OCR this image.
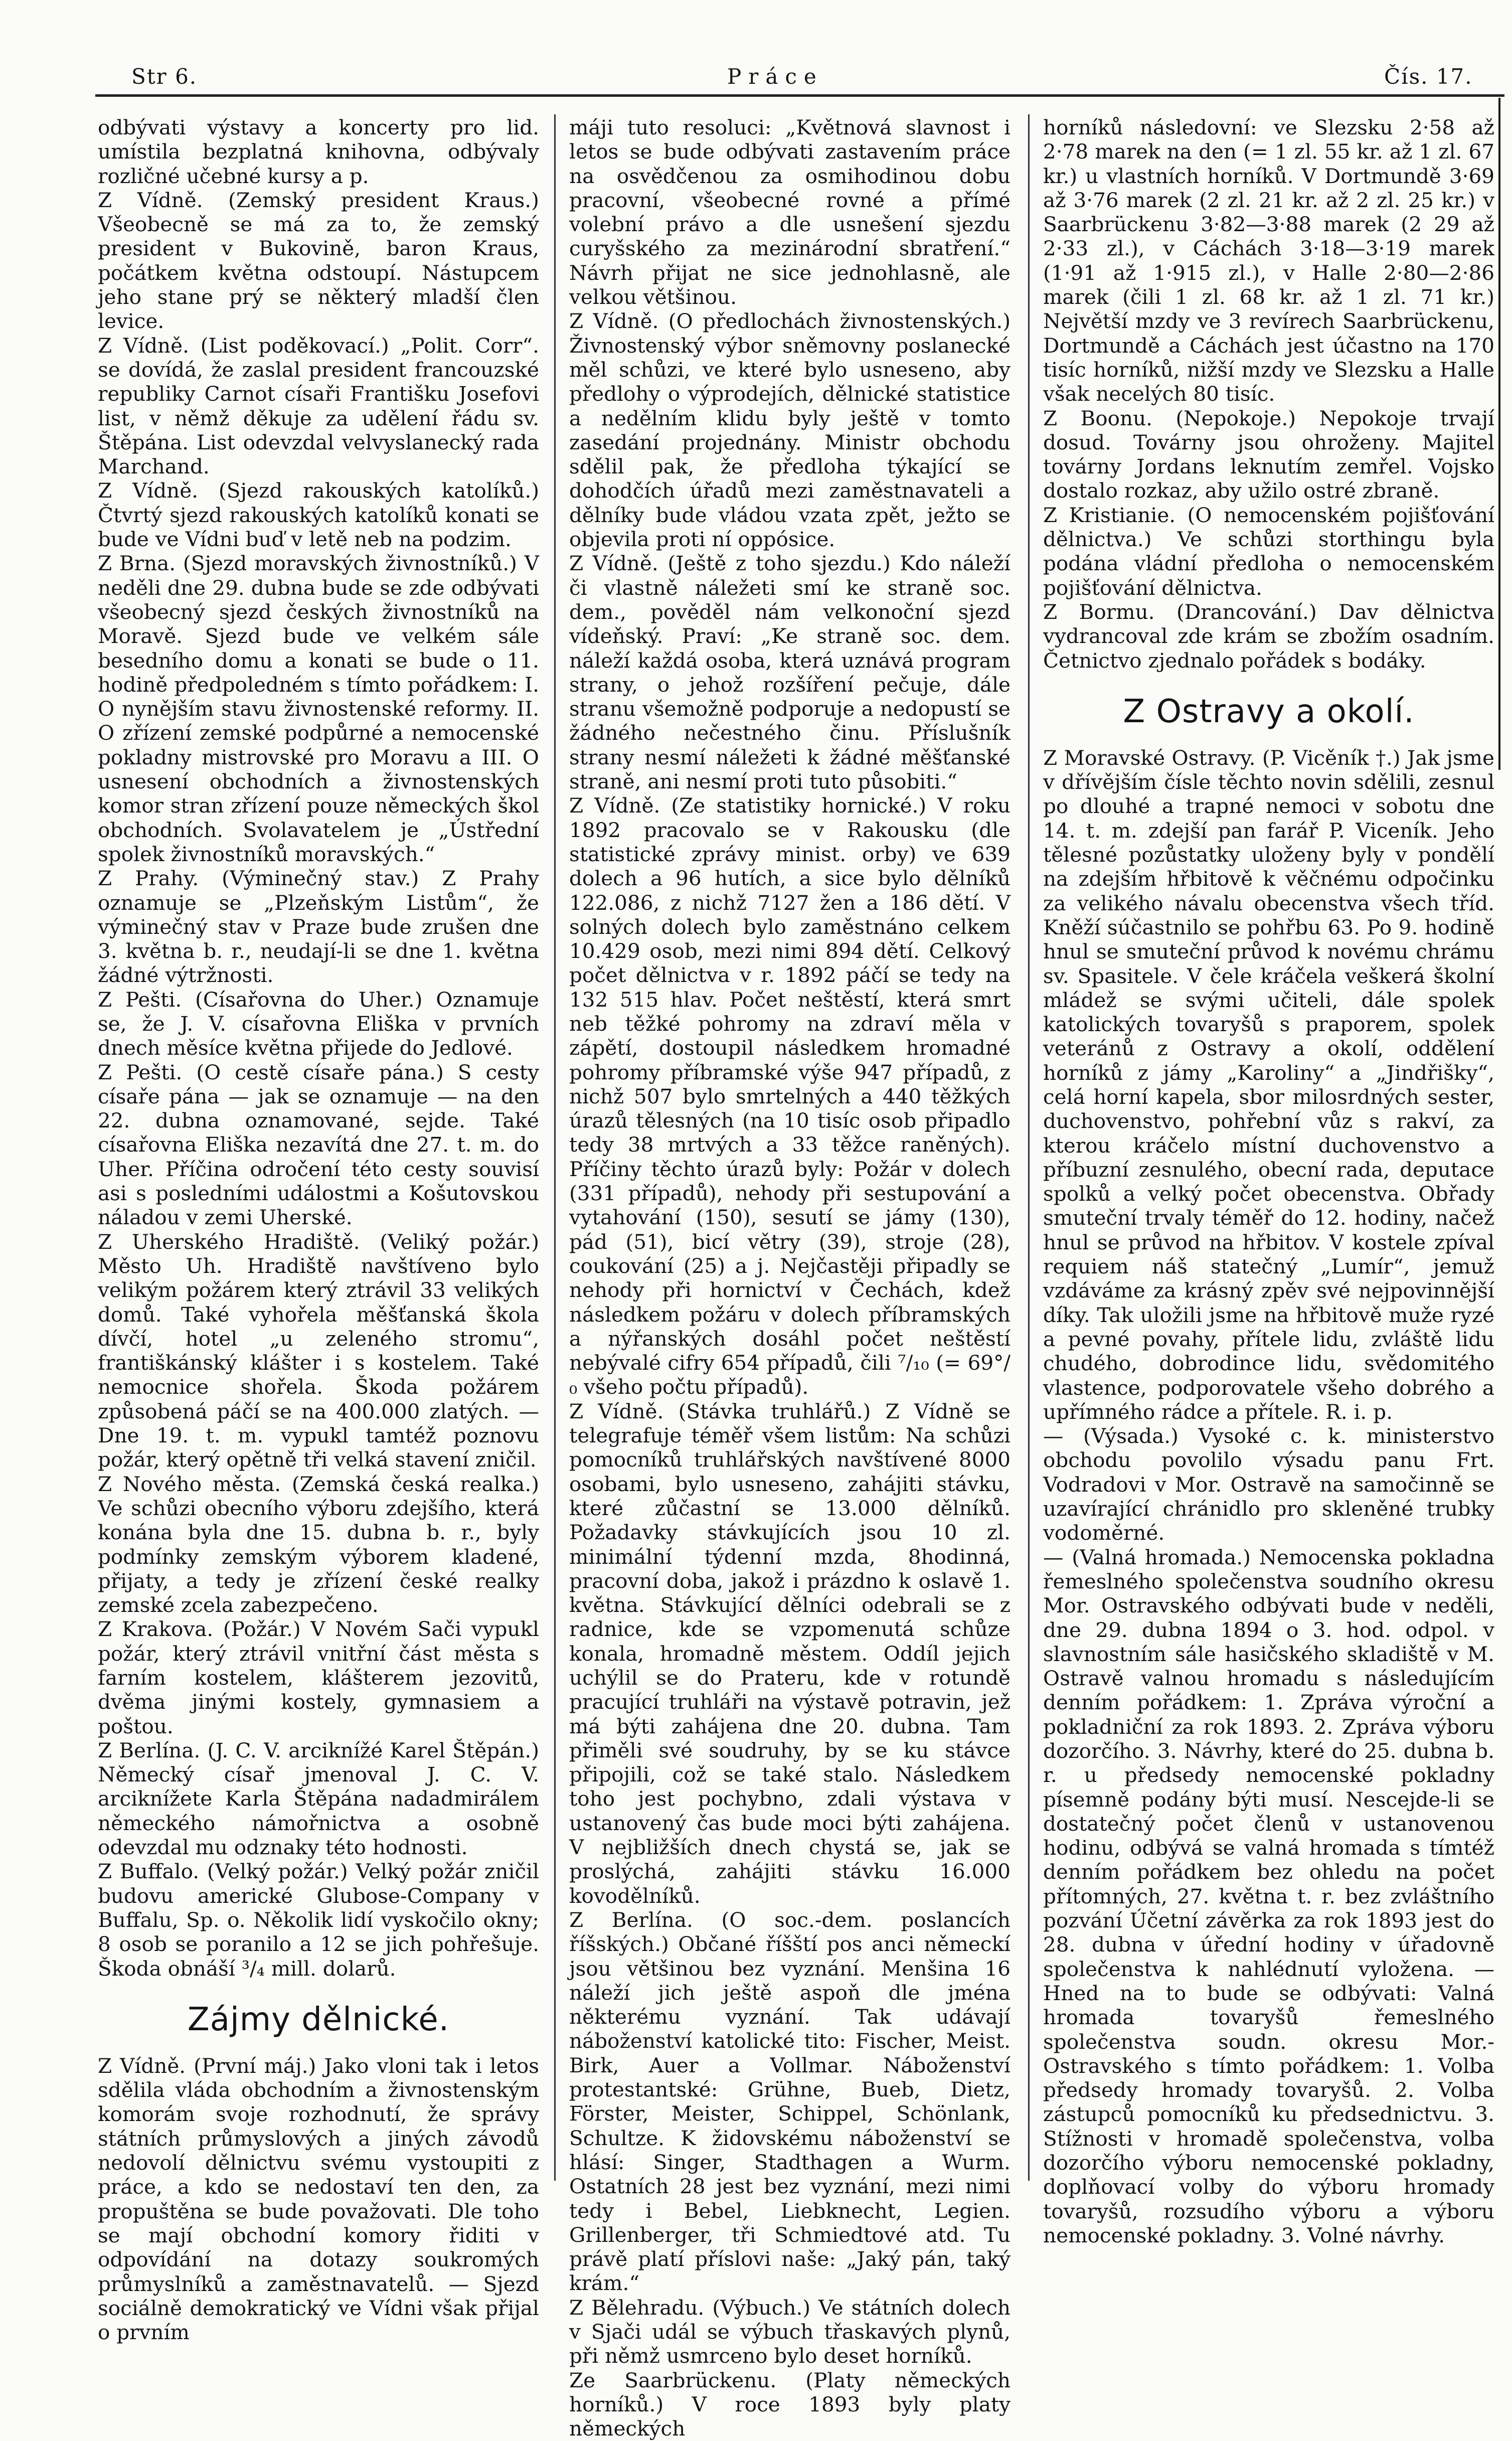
Str 6.	Práce	Čís. 17.

odbývati výstavy a koncerty pro lid. umístila bezplatná knihovna, odbývaly rozličné učebné kursy a p.

Z Vídně. (Zemský president Kraus.) Všeobecně se má za to, že zemský president v Bukovině, baron Kraus, počátkem května odstoupí. Nástupcem jeho stane prý se některý mladší člen levice.

Z Vídně. (List poděkovací.) „Polit. Corr“. se dovídá, že zaslal president francouzské republiky Carnot císaři Františku Josefovi list, v němž děkuje za udělení řádu sv. Štěpána. List odevzdal velvyslanecký rada Marchand.

Z Vídně. (Sjezd rakouských katolíků.) Čtvrtý sjezd rakouských katolíků konati se bude ve Vídni buď v letě neb na podzim.

Z Brna. (Sjezd moravských živnostníků.) V neděli dne 29. dubna bude se zde odbývati všeobecný sjezd českých živnostníků na Moravě. Sjezd bude ve velkém sále besedního domu a konati se bude o 11. hodině předpoledném s tímto pořádkem: I. O nynějším stavu živnostenské reformy. II. O zřízení zemské podpůrné a nemocenské pokladny mistrovské pro Moravu a III. O usnesení obchodních a živnostenských komor stran zřízení pouze německých škol obchodních. Svolavatelem je „Ústřední spolek živnostníků moravských.“

Z Prahy. (Výminečný stav.) Z Prahy oznamuje se „Plzeňským Listům“, že výminečný stav v Praze bude zrušen dne 3. května b. r., neudají-li se dne 1. května žádné výtržnosti.

Z Pešti. (Císařovna do Uher.) Oznamuje se, že J. V. císařovna Eliška v prvních dnech měsíce května přijede do Jedlové.

Z Pešti. (O cestě císaře pána.) S cesty císaře pána — jak se oznamuje — na den 22. dubna oznamované, sejde. Také císařovna Eliška nezavítá dne 27. t. m. do Uher. Příčina odročení této cesty souvisí asi s posledními událostmi a Košutovskou náladou v zemi Uherské.

Z Uherského Hradiště. (Veliký požár.) Město Uh. Hradiště navštíveno bylo velikým požárem který ztrávil 33 velikých domů. Také vyhořela měšťanská škola dívčí, hotel „u zeleného stromu“, františkánský klášter i s kostelem. Také nemocnice shořela. Škoda požárem způsobená páčí se na 400.000 zlatých. — Dne 19. t. m. vypukl tamtéž poznovu požár, který opětně tři velká stavení zničil.

Z Nového města. (Zemská česká realka.) Ve schůzi obecního výboru zdejšího, která konána byla dne 15. dubna b. r., byly podmínky zemským výborem kladené, přijaty, a tedy je zřízení české realky zemské zcela zabezpečeno.

Z Krakova. (Požár.) V Novém Sači vypukl požár, který ztrávil vnitřní část města s farním kostelem, klášterem jezovitů, dvěma jinými kostely, gymnasiem a poštou.

Z Berlína. (J. C. V. arciknížé Karel Štěpán.) Německý císař jmenoval J. C. V. arciknížete Karla Štěpána nadadmirálem německého námořnictva a osobně odevzdal mu odznaky této hodnosti.

Z Buffalo. (Velký požár.) Velký požár zničil budovu americké Glubose-Company v Buffalu, Sp. o. Několik lidí vyskočilo okny; 8 osob se poranilo a 12 se jich pohřešuje. Škoda obnáší ³/₄ mill. dolarů.

Zájmy dělnické.

Z Vídně. (První máj.) Jako vloni tak i letos sdělila vláda obchodním a živnostenským komorám svoje rozhodnutí, že správy státních průmyslových a jiných závodů nedovolí dělnictvu svému vystoupiti z práce, a kdo se nedostaví ten den, za propuštěna se bude považovati. Dle toho se mají obchodní komory řiditi v odpovídání na dotazy soukromých průmyslníků a zaměstnavatelů. — Sjezd sociálně demokratický ve Vídni však přijal o prvním

máji tuto resoluci: „Květnová slavnost i letos se bude odbývati zastavením práce na osvědčenou za osmihodinou dobu pracovní, všeobecné rovné a přímé volební právo a dle usnešení sjezdu curyšského za mezinárodní sbratření.“ Návrh přijat ne sice jednohlasně, ale velkou většinou.

Z Vídně. (O předlochách živnostenských.) Živnostenský výbor sněmovny poslanecké měl schůzi, ve které bylo usneseno, aby předlohy o výprodejích, dělnické statistice a nedělním klidu byly ještě v tomto zasedání projednány. Ministr obchodu sdělil pak, že předloha týkající se dohodčích úřadů mezi zaměstnavateli a dělníky bude vládou vzata zpět, ježto se objevila proti ní oppósice.

Z Vídně. (Ještě z toho sjezdu.) Kdo náleží či vlastně náležeti smí ke straně soc. dem., pověděl nám velkonoční sjezd vídeňský. Praví: „Ke straně soc. dem. náleží každá osoba, která uznává program strany, o jehož rozšíření pečuje, dále stranu všemožně podporuje a nedopustí se žádného nečestného činu. Příslušník strany nesmí náležeti k žádné měšťanské straně, ani nesmí proti tuto působiti.“

Z Vídně. (Ze statistiky hornické.) V roku 1892 pracovalo se v Rakousku (dle statistické zprávy minist. orby) ve 639 dolech a 96 hutích, a sice bylo dělníků 122.086, z nichž 7127 žen a 186 dětí. V solných dolech bylo zaměstnáno celkem 10.429 osob, mezi nimi 894 dětí. Celkový počet dělnictva v r. 1892 páčí se tedy na 132 515 hlav. Počet neštěstí, která smrt neb těžké pohromy na zdraví měla v zápětí, dostoupil následkem hromadné pohromy příbramské výše 947 případů, z nichž 507 bylo smrtelných a 440 těžkých úrazů tělesných (na 10 tisíc osob připadlo tedy 38 mrtvých a 33 těžce raněných). Příčiny těchto úrazů byly: Požár v dolech (331 případů), nehody při sestupování a vytahování (150), sesutí se jámy (130), pád (51), bicí větry (39), stroje (28), coukování (25) a j. Nejčastěji připadly se nehody při hornictví v Čechách, kdež následkem požáru v dolech příbramských a nýřanských dosáhl počet neštěstí nebývalé cifry 654 případů, čili ⁷/₁₀ (= 69°/₀ všeho počtu případů).

Z Vídně. (Stávka truhlářů.) Z Vídně se telegrafuje téměř všem listům: Na schůzi pomocníků truhlářských navštívené 8000 osobami, bylo usneseno, zahájiti stávku, které zůčastní se 13.000 dělníků. Požadavky stávkujících jsou 10 zl. minimální týdenní mzda, 8hodinná, pracovní doba, jakož i prázdno k oslavě 1. května. Stávkující dělníci odebrali se z radnice, kde se vzpomenutá schůze konala, hromadně městem. Oddíl jejich uchýlil se do Prateru, kde v rotundě pracující truhláři na výstavě potravin, jež má býti zahájena dne 20. dubna. Tam přiměli své soudruhy, by se ku stávce připojili, což se také stalo. Následkem toho jest pochybno, zdali výstava v ustanovený čas bude moci býti zahájena. V nejbližších dnech chystá se, jak se proslýchá, zahájiti stávku 16.000 kovodělníků.

Z Berlína. (O soc.-dem. poslancích říšských.) Občané říšští pos anci německí jsou většinou bez vyznání. Menšina 16 náleží jich ještě aspoň dle jména některému vyznání. Tak udávají náboženství katolické tito: Fischer, Meist. Birk, Auer a Vollmar. Náboženství protestantské: Grühne, Bueb, Dietz, Förster, Meister, Schippel, Schönlank, Schultze. K židovskému náboženství se hlásí: Singer, Stadthagen a Wurm. Ostatních 28 jest bez vyznání, mezi nimi tedy i Bebel, Liebknecht, Legien. Grillenberger, tři Schmiedtové atd. Tu právě platí příslovi naše: „Jaký pán, taký krám.“

Z Bělehradu. (Výbuch.) Ve státních dolech v Sjači udál se výbuch třaskavých plynů, při němž usmrceno bylo deset horníků.

Ze Saarbrückenu. (Platy německých horníků.) V roce 1893 byly platy německých

horníků následovní: ve Slezsku 2·58 až 2·78 marek na den (= 1 zl. 55 kr. až 1 zl. 67 kr.) u vlastních horníků. V Dortmundě 3·69 až 3·76 marek (2 zl. 21 kr. až 2 zl. 25 kr.) v Saarbrückenu 3·82—3·88 marek (2 29 až 2·33 zl.), v Cáchách 3·18—3·19 marek (1·91 až 1·915 zl.), v Halle 2·80—2·86 marek (čili 1 zl. 68 kr. až 1 zl. 71 kr.) Největší mzdy ve 3 revírech Saarbrückenu, Dortmundě a Cáchách jest účastno na 170 tisíc horníků, nižší mzdy ve Slezsku a Halle však necelých 80 tisíc.

Z Boonu. (Nepokoje.) Nepokoje trvají dosud. Továrny jsou ohroženy. Majitel továrny Jordans leknutím zemřel. Vojsko dostalo rozkaz, aby užilo ostré zbraně.

Z Kristianie. (O nemocenském pojišťování dělnictva.) Ve schůzi storthingu byla podána vládní předloha o nemocenském pojišťování dělnictva.

Z Bormu. (Drancování.) Dav dělnictva vydrancoval zde krám se zbožím osadním. Četnictvo zjednalo pořádek s bodáky.

Z Ostravy a okolí.

Z Moravské Ostravy. (P. Vicěník †.) Jak jsme v dřívějším čísle těchto novin sdělili, zesnul po dlouhé a trapné nemoci v sobotu dne 14. t. m. zdejší pan farář P. Viceník. Jeho tělesné pozůstatky uloženy byly v pondělí na zdejším hřbitově k věčnému odpočinku za velikého návalu obecenstva všech tříd. Kněží súčastnilo se pohřbu 63. Po 9. hodině hnul se smuteční průvod k novému chrámu sv. Spasitele. V čele kráčela veškerá školní mládež se svými učiteli, dále spolek katolických tovaryšů s praporem, spolek veteránů z Ostravy a okolí, oddělení horníků z jámy „Karoliny“ a „Jindřišky“, celá horní kapela, sbor milosrdných sester, duchovenstvo, pohřební vůz s rakví, za kterou kráčelo místní duchovenstvo a příbuzní zesnulého, obecní rada, deputace spolků a velký počet obecenstva. Obřady smuteční trvaly téměř do 12. hodiny, načež hnul se průvod na hřbitov. V kostele zpíval requiem náš statečný „Lumír“, jemuž vzdáváme za krásný zpěv své nejpovinnější díky. Tak uložili jsme na hřbitově muže ryzé a pevné povahy, přítele lidu, zvláště lidu chudého, dobrodince lidu, svědomitého vlastence, podporovatele všeho dobrého a upřímného rádce a přítele. R. i. p.

— (Výsada.) Vysoké c. k. ministerstvo obchodu povolilo výsadu panu Frt. Vodradovi v Mor. Ostravě na samočinně se uzavírající chránidlo pro skleněné trubky vodoměrné.

— (Valná hromada.) Nemocenska pokladna řemeslného společenstva soudního okresu Mor. Ostravského odbývati bude v neděli, dne 29. dubna 1894 o 3. hod. odpol. v slavnostním sále hasičského skladiště v M. Ostravě valnou hromadu s následujícím denním pořádkem: 1. Zpráva výroční a pokladniční za rok 1893. 2. Zpráva výboru dozorčího. 3. Návrhy, které do 25. dubna b. r. u předsedy nemocenské pokladny písemně podány býti musí. Nescejde-li se dostatečný počet členů v ustanovenou hodinu, odbývá se valná hromada s tímtéž denním pořádkem bez ohledu na počet přítomných, 27. května t. r. bez zvláštního pozvání Účetní závěrka za rok 1893 jest do 28. dubna v úřední hodiny v úřadovně společenstva k nahlédnutí vyložena. — Hned na to bude se odbývati: Valná hromada tovaryšů řemeslného společenstva soudn. okresu Mor.-Ostravského s tímto pořádkem: 1. Volba předsedy hromady tovaryšů. 2. Volba zástupců pomocníků ku předsednictvu. 3. Stížnosti v hromadě společenstva, volba dozorčího výboru nemocenské pokladny, doplňovací volby do výboru hromady tovaryšů, rozsudího výboru a výboru nemocenské pokladny. 3. Volné návrhy.
